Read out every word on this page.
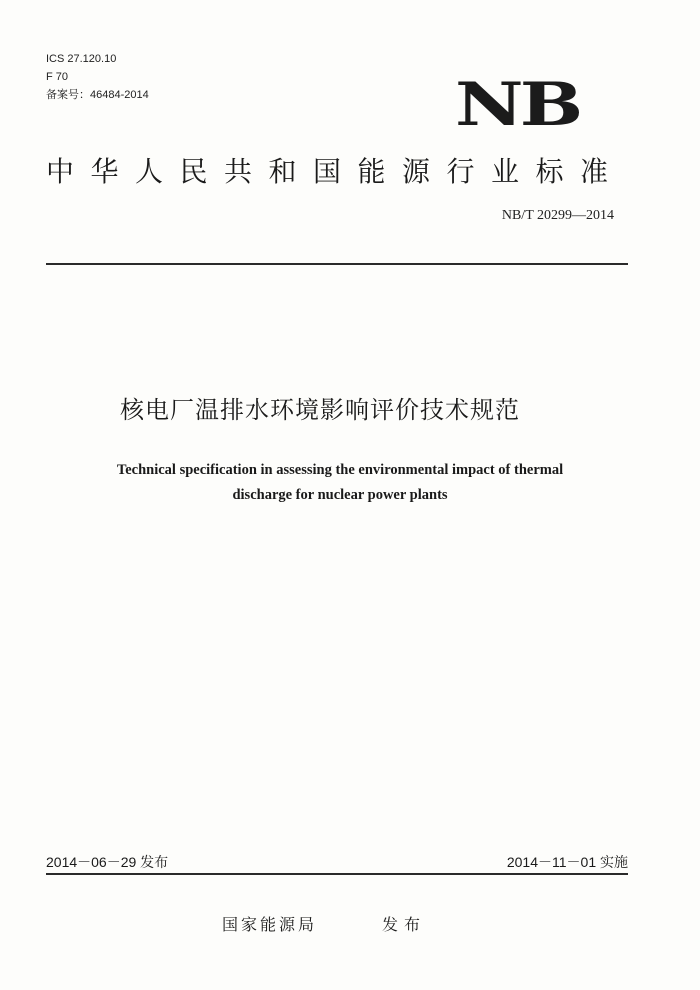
ICS 27.120.10
F 70
备案号：46484-2014	NB
中华人民共和国能源行业标准
NB/T 20299—2014
核电厂温排水环境影响评价技术规范
Technical specification in assessing the environmental impact of thermal
discharge for nuclear power plants
2014－06－29 发布	2014－11－01 实施
国家能源局	发布
